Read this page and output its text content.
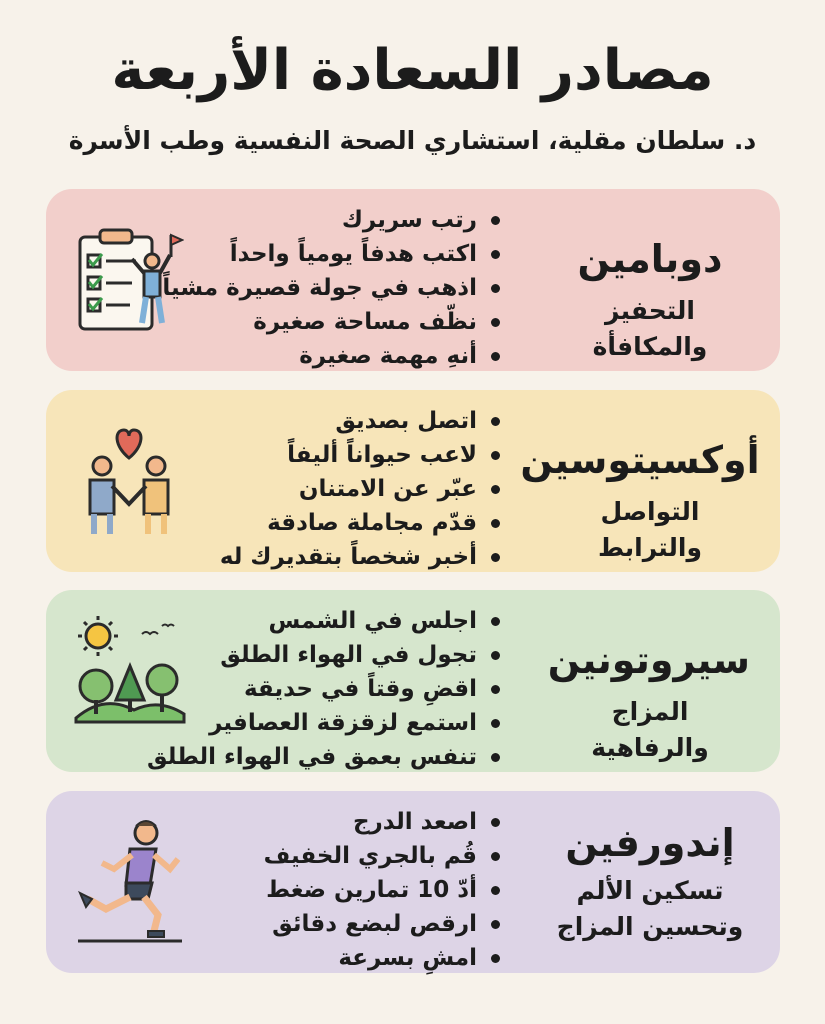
مصادر السعادة الأربعة
د. سلطان مقلية، استشاري الصحة النفسية وطب الأسرة
دوبامين
التحفيز والمكافأة
رتب سريرك
اكتب هدفاً يومياً واحداً
اذهب في جولة قصيرة مشياً
نظّف مساحة صغيرة
أنهِ مهمة صغيرة
أوكسيتوسين
التواصل والترابط
اتصل بصديق
لاعب حيواناً أليفاً
عبّر عن الامتنان
قدّم مجاملة صادقة
أخبر شخصاً بتقديرك له
سيروتونين
المزاج والرفاهية
اجلس في الشمس
تجول في الهواء الطلق
اقضِ وقتاً في حديقة
استمع لزقزقة العصافير
تنفس بعمق في الهواء الطلق
إندورفين
تسكين الألم
وتحسين المزاج
اصعد الدرج
قُم بالجري الخفيف
أدّ 10 تمارين ضغط
ارقص لبضع دقائق
امشِ بسرعة
